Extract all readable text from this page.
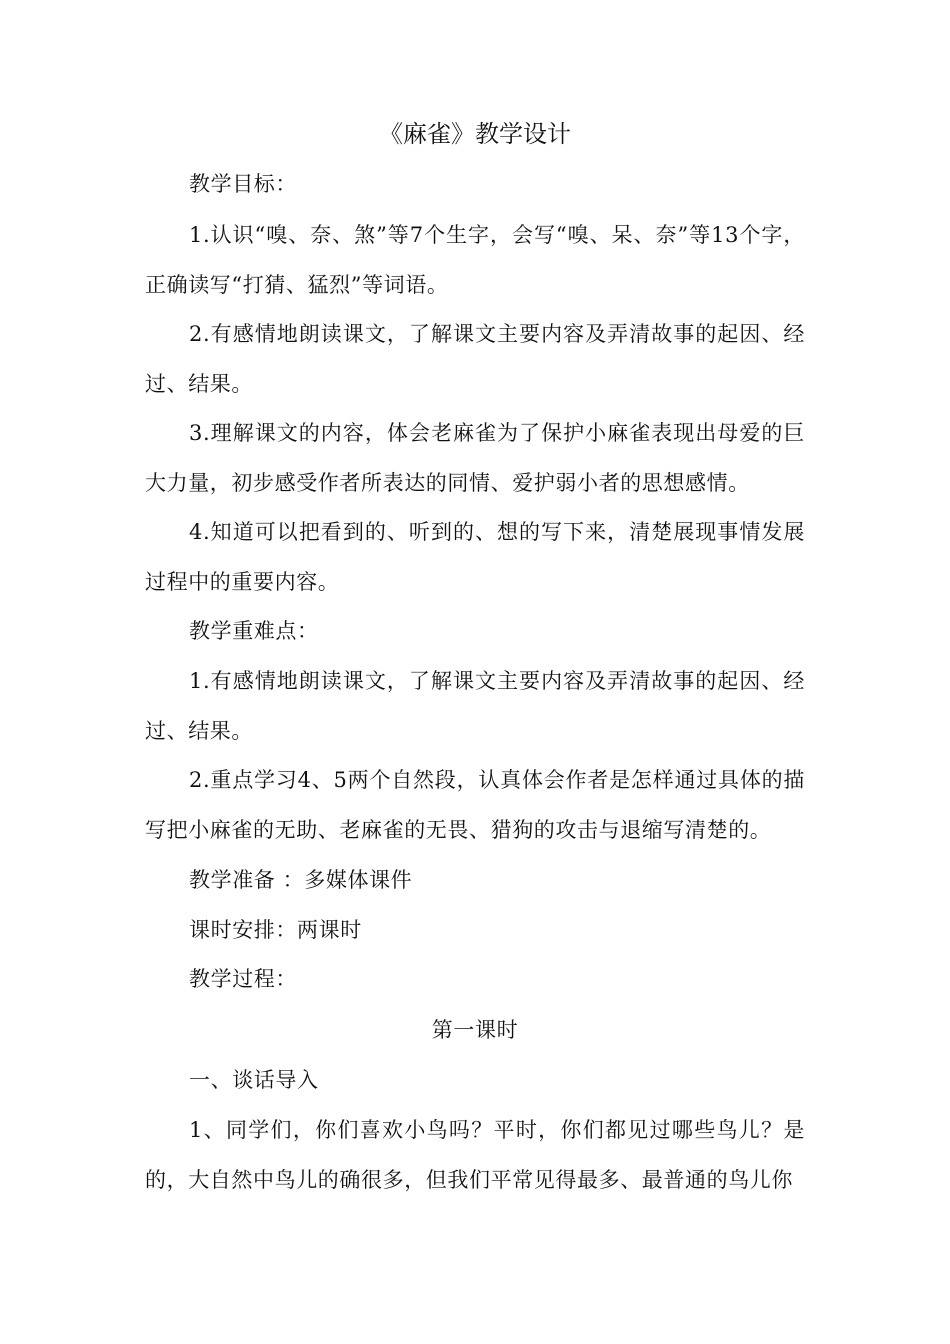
《麻雀》教学设计
教学目标：
1.认识“嗅、奈、煞”等7个生字，会写“嗅、呆、奈”等13个字，正确读写“打猜、猛烈”等词语。
2.有感情地朗读课文，了解课文主要内容及弄清故事的起因、经过、结果。
3.理解课文的内容，体会老麻雀为了保护小麻雀表现出母爱的巨大力量，初步感受作者所表达的同情、爱护弱小者的思想感情。
4.知道可以把看到的、听到的、想的写下来，清楚展现事情发展过程中的重要内容。
教学重难点：
1.有感情地朗读课文，了解课文主要内容及弄清故事的起因、经过、结果。
2.重点学习4、5两个自然段，认真体会作者是怎样通过具体的描写把小麻雀的无助、老麻雀的无畏、猎狗的攻击与退缩写清楚的。
教学准备 ：多媒体课件
课时安排：两课时
教学过程：
第一课时
一、谈话导入
1、同学们，你们喜欢小鸟吗？平时，你们都见过哪些鸟儿？是的，大自然中鸟儿的确很多，但我们平常见得最多、最普通的鸟儿你
